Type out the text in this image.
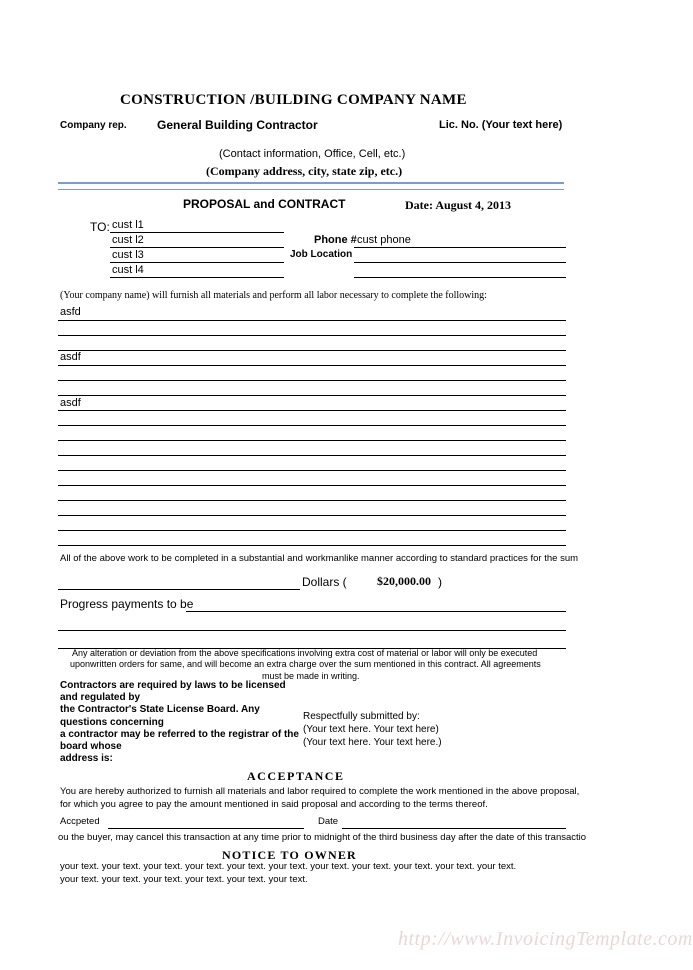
CONSTRUCTION /BUILDING COMPANY NAME
Company rep.	General Building Contractor	Lic. No. (Your text here)
(Contact information, Office, Cell, etc.)
(Company address, city, state zip, etc.)
PROPOSAL and CONTRACT	Date: August 4, 2013
TO: cust l1
cust l2
cust l3
cust l4
Phone # cust phone
Job Location
(Your company name) will furnish all materials and perform all labor necessary to complete the following:
asfd
asdf
asdf
All of the above work to be completed in a substantial and workmanlike manner according to standard practices for the sum
Dollars (	$20,000.00 )
Progress payments to be
Any alteration or deviation from the above specifications involving extra cost of material or labor will only be executed
uponwritten orders for same, and will become an extra charge over the sum mentioned in this contract. All agreements
must be made in writing.
Contractors are required by laws to be licensed
and regulated by
the Contractor's State License Board. Any
questions concerning
a contractor may be referred to the registrar of the
board whose
address is:
Respectfully submitted by:
(Your text here. Your text here)
(Your text here. Your text here.)
ACCEPTANCE
You are hereby authorized to furnish all materials and labor required to complete the work mentioned in the above proposal,
for which you agree to pay the amount mentioned in said proposal and according to the terms thereof.
Accpeted	Date
ou the buyer, may cancel this transaction at any time prior to midnight of the third business day after the date of this transactio
NOTICE TO OWNER
your text. your text. your text. your text. your text. your text. your text. your text. your text. your text. your text.
your text. your text. your text. your text. your text. your text.
http://www.InvoicingTemplate.com
